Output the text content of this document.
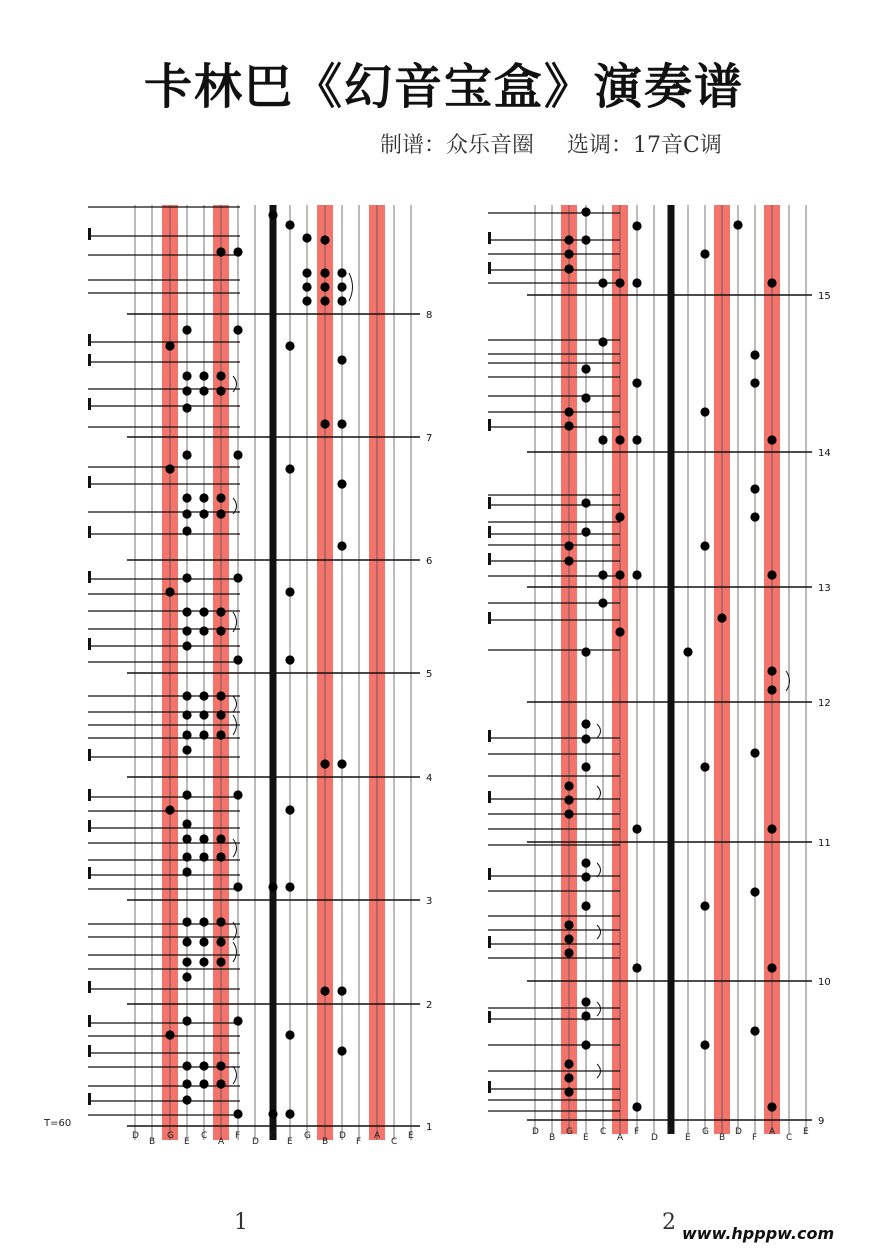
卡林巴《幻音宝盒》演奏谱
制谱：众乐音圈 选调：17音C调
T=60
1	2 www.hpppw.com
1
2
3
4
5
6
7
8
D
B
G
E
C
A
F
D
C
E
G
B
D
F
A
C
E
9
10
11
12
13
14
15
D
B
G
E
C
A
F
D
C
E
G
B
D
F
A
C
E
